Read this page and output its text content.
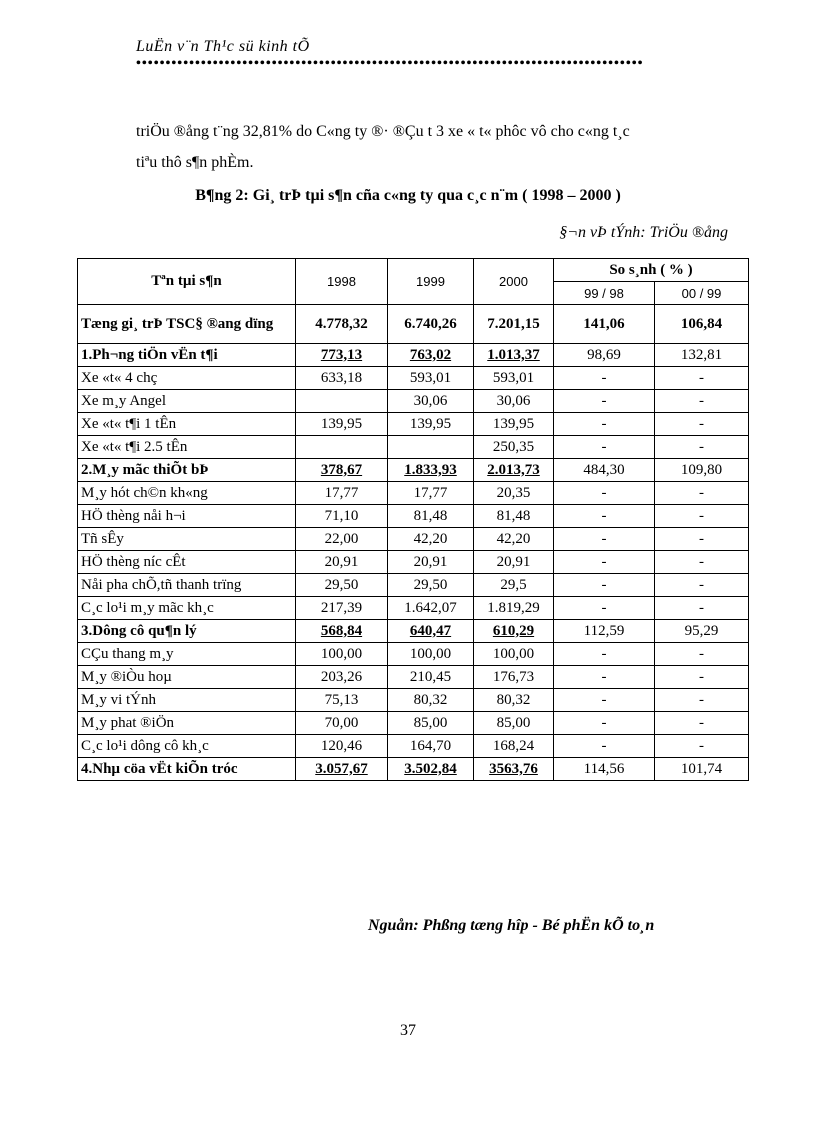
LuËn v¨n Th¹c sü kinh tÕ
••••••••••••••••••••••••••••••••••••••••••••••••••••••••••••••••••••••••••••••••••••••
triÖu ®ång t¨ng 32,81% do C«ng ty ®· ®Çu t 3 xe « t« phôc vô cho c«ng t¸c
tiªu thô s¶n phÈm.
B¶ng 2: Gi¸ trÞ tµi s¶n cña c«ng ty qua c¸c n¨m ( 1998 – 2000 )
§¬n vÞ tÝnh: TriÖu ®ång
Tªn tµi s¶n	1998	1999	2000	So s¸nh ( % )	
				99 / 98	00 / 99
Tæng gi¸ trÞ TSC§ ®ang dïng	4.778,32	6.740,26	7.201,15	141,06	106,84
1.Ph¬ng tiÖn vËn t¶i	773,13	763,02	1.013,37	98,69	132,81
Xe «t« 4 chç	633,18	593,01	593,01	-	-
Xe m¸y Angel		30,06	30,06	-	-
Xe «t« t¶i 1 tÊn	139,95	139,95	139,95	-	-
Xe «t« t¶i 2.5 tÊn			250,35	-	-
2.M¸y mãc thiÕt bÞ	378,67	1.833,93	2.013,73	484,30	109,80
M¸y hót ch©n kh«ng	17,77	17,77	20,35	-	-
HÖ thèng nåi h¬i	71,10	81,48	81,48	-	-
Tñ sÊy	22,00	42,20	42,20	-	-
HÖ thèng níc cÊt	20,91	20,91	20,91	-	-
Nåi pha chÕ,tñ thanh trïng	29,50	29,50	29,5	-	-
C¸c lo¹i m¸y mãc kh¸c	217,39	1.642,07	1.819,29	-	-
3.Dông cô qu¶n lý	568,84	640,47	610,29	112,59	95,29
CÇu thang m¸y	100,00	100,00	100,00	-	-
M¸y ®iÒu hoµ	203,26	210,45	176,73	-	-
M¸y vi tÝnh	75,13	80,32	80,32	-	-
M¸y phat ®iÖn	70,00	85,00	85,00	-	-
C¸c lo¹i dông cô kh¸c	120,46	164,70	168,24	-	-
4.Nhµ cöa vËt kiÕn tróc	3.057,67	3.502,84	3563,76	114,56	101,74
Nguån: Phßng tæng hîp - Bé phËn kÕ to¸n
37
